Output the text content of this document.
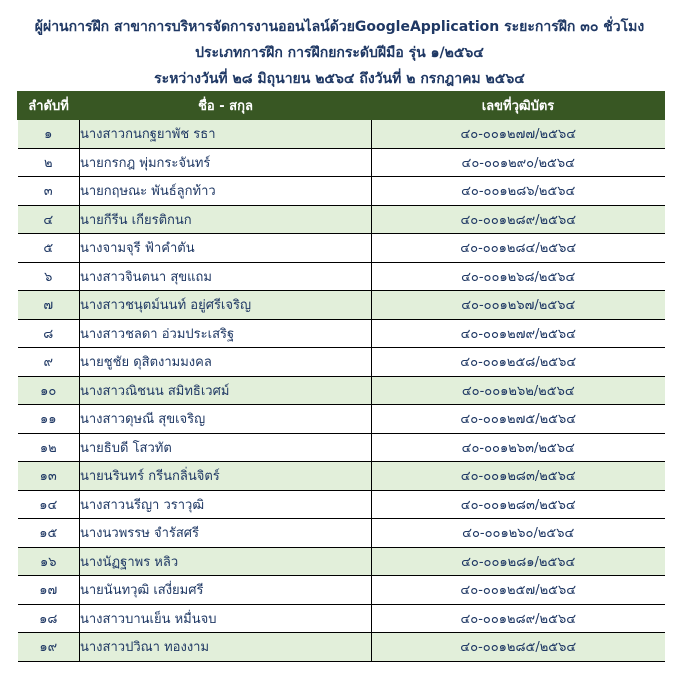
ผู้ผ่านการฝึก สาขาการบริหารจัดการงานออนไลน์ด้วยGoogleApplication ระยะการฝึก ๓๐ ชั่วโมง
ประเภทการฝึก การฝึกยกระดับฝีมือ รุ่น ๑/๒๕๖๔
ระหว่างวันที่ ๒๘ มิถุนายน ๒๕๖๔ ถึงวันที่ ๒ กรกฎาคม ๒๕๖๔
ลำดับที่	ชื่อ - สกุล	เลขที่วุฒิบัตร
๑	นางสาวกนกฐยาพัช รธา	๔๐-๐๐๑๒๗๗/๒๕๖๔
๒	นายกรกฎ พุ่มกระจันทร์	๔๐-๐๐๑๒๙๐/๒๕๖๔
๓	นายกฤษณะ พันธ์ลูกท้าว	๔๐-๐๐๑๒๘๖/๒๕๖๔
๔	นายกีรีน เกียรติกนก	๔๐-๐๐๑๒๘๙/๒๕๖๔
๕	นางจามจุรี ฟ้าคำตัน	๔๐-๐๐๑๒๘๔/๒๕๖๔
๖	นางสาวจินตนา สุขแถม	๔๐-๐๐๑๒๖๘/๒๕๖๔
๗	นางสาวชนุตม์นนท์ อยู่ศรีเจริญ	๔๐-๐๐๑๒๖๗/๒๕๖๔
๘	นางสาวชลดา อ่วมประเสริฐ	๔๐-๐๐๑๒๗๙/๒๕๖๔
๙	นายชูชัย ดุสิตงามมงคล	๔๐-๐๐๑๒๕๘/๒๕๖๔
๑๐	นางสาวณิชนน สมิทธิเวศม์	๔๐-๐๐๑๒๖๒/๒๕๖๔
๑๑	นางสาวดุษณี สุขเจริญ	๔๐-๐๐๑๒๗๕/๒๕๖๔
๑๒	นายธิบดี โสวทัต	๔๐-๐๐๑๒๖๓/๒๕๖๔
๑๓	นายนรินทร์ กรีนกลิ่นจิตร์	๔๐-๐๐๑๒๘๓/๒๕๖๔
๑๔	นางสาวนรีญา วราวุฒิ	๔๐-๐๐๑๒๘๓/๒๕๖๔
๑๕	นางนวพรรษ จำรัสศรี	๔๐-๐๐๑๒๖๐/๒๕๖๔
๑๖	นางนัฏฐาพร หลิว	๔๐-๐๐๑๒๘๑/๒๕๖๔
๑๗	นายนันทวุฒิ เสงี่ยมศรี	๔๐-๐๐๑๒๕๗/๒๕๖๔
๑๘	นางสาวบานเย็น หมื่นจบ	๔๐-๐๐๑๒๘๙/๒๕๖๔
๑๙	นางสาวปวิณา ทองงาม	๔๐-๐๐๑๒๘๕/๒๕๖๔
